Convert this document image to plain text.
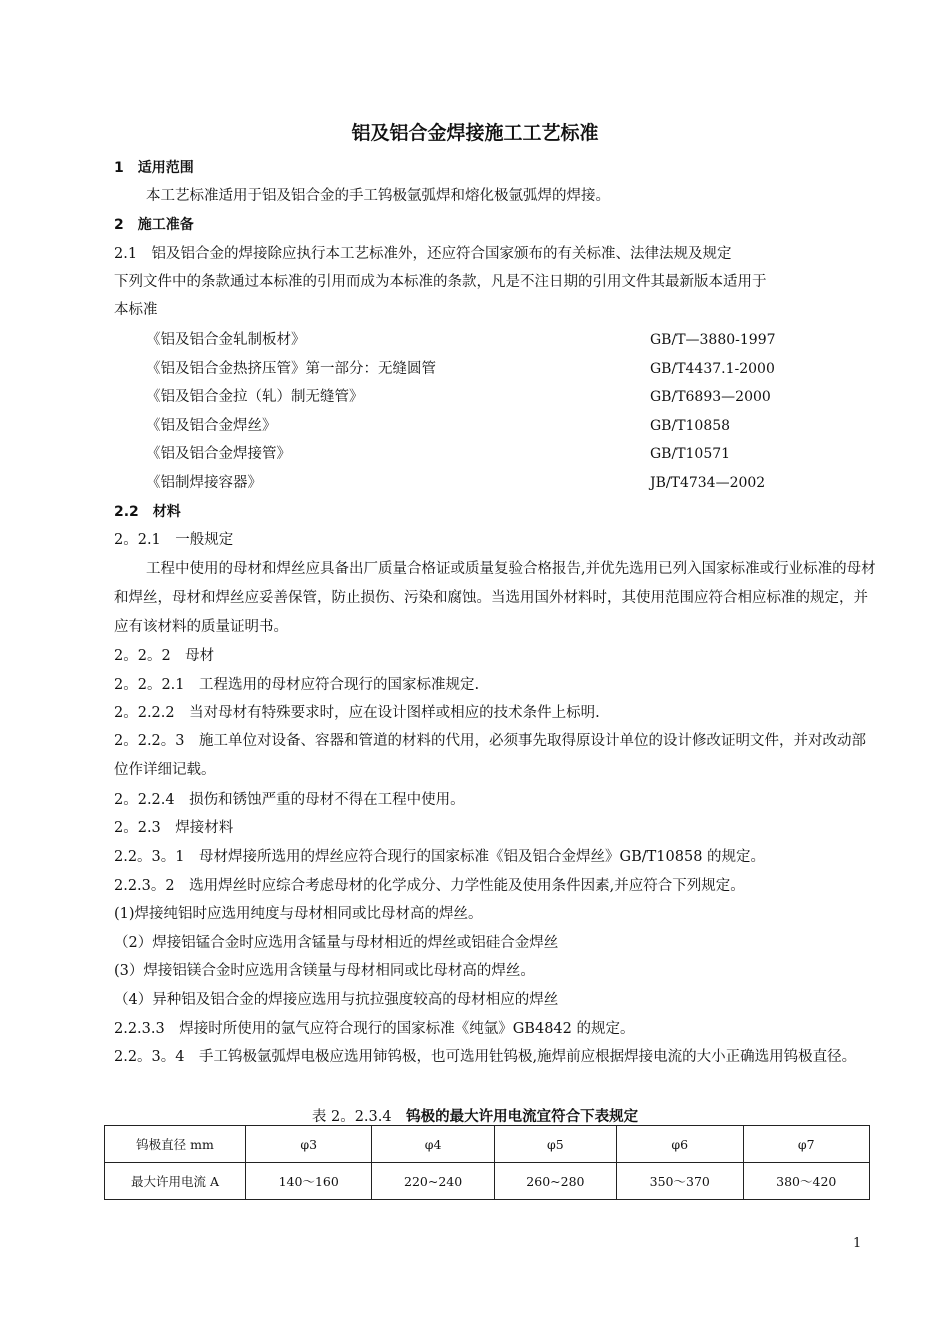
铝及铝合金焊接施工工艺标准
1　适用范围
本工艺标准适用于铝及铝合金的手工钨极氩弧焊和熔化极氩弧焊的焊接。
2　施工准备
2.1　铝及铝合金的焊接除应执行本工艺标准外，还应符合国家颁布的有关标准、法律法规及规定
下列文件中的条款通过本标准的引用而成为本标准的条款，凡是不注日期的引用文件其最新版本适用于
本标准
《铝及铝合金轧制板材》	GB/T—3880-1997
《铝及铝合金热挤压管》第一部分：无缝圆管	GB/T4437.1-2000
《铝及铝合金拉（轧）制无缝管》	GB/T6893—2000
《铝及铝合金焊丝》	GB/T10858
《铝及铝合金焊接管》	GB/T10571
《铝制焊接容器》	JB/T4734—2002
2.2　材料
2。2.1　一般规定
工程中使用的母材和焊丝应具备出厂质量合格证或质量复验合格报告,并优先选用已列入国家标准或行业标准的母材和焊丝，母材和焊丝应妥善保管，防止损伤、污染和腐蚀。当选用国外材料时，其使用范围应符合相应标准的规定，并应有该材料的质量证明书。
2。2。2　母材
2。2。2.1　工程选用的母材应符合现行的国家标准规定.
2。2.2.2　当对母材有特殊要求时，应在设计图样或相应的技术条件上标明.
2。2.2。3　施工单位对设备、容器和管道的材料的代用，必须事先取得原设计单位的设计修改证明文件，并对改动部位作详细记载。
2。2.2.4　损伤和锈蚀严重的母材不得在工程中使用。
2。2.3　焊接材料
2.2。3。1　母材焊接所选用的焊丝应符合现行的国家标准《铝及铝合金焊丝》GB/T10858 的规定。
2.2.3。2　选用焊丝时应综合考虑母材的化学成分、力学性能及使用条件因素,并应符合下列规定。
(1)焊接纯铝时应选用纯度与母材相同或比母材高的焊丝。
（2）焊接铝锰合金时应选用含锰量与母材相近的焊丝或铝硅合金焊丝
(3）焊接铝镁合金时应选用含镁量与母材相同或比母材高的焊丝。
（4）异种铝及铝合金的焊接应选用与抗拉强度较高的母材相应的焊丝
2.2.3.3　焊接时所使用的氩气应符合现行的国家标准《纯氩》GB4842 的规定。
2.2。3。4　手工钨极氩弧焊电极应选用铈钨极，也可选用钍钨极,施焊前应根据焊接电流的大小正确选用钨极直径。
表 2。2.3.4　钨极的最大许用电流宜符合下表规定
钨极直径 mm	φ3	φ4	φ5	φ6	φ7
最大许用电流 A	140～160	220~240	260~280	350～370	380～420
1
